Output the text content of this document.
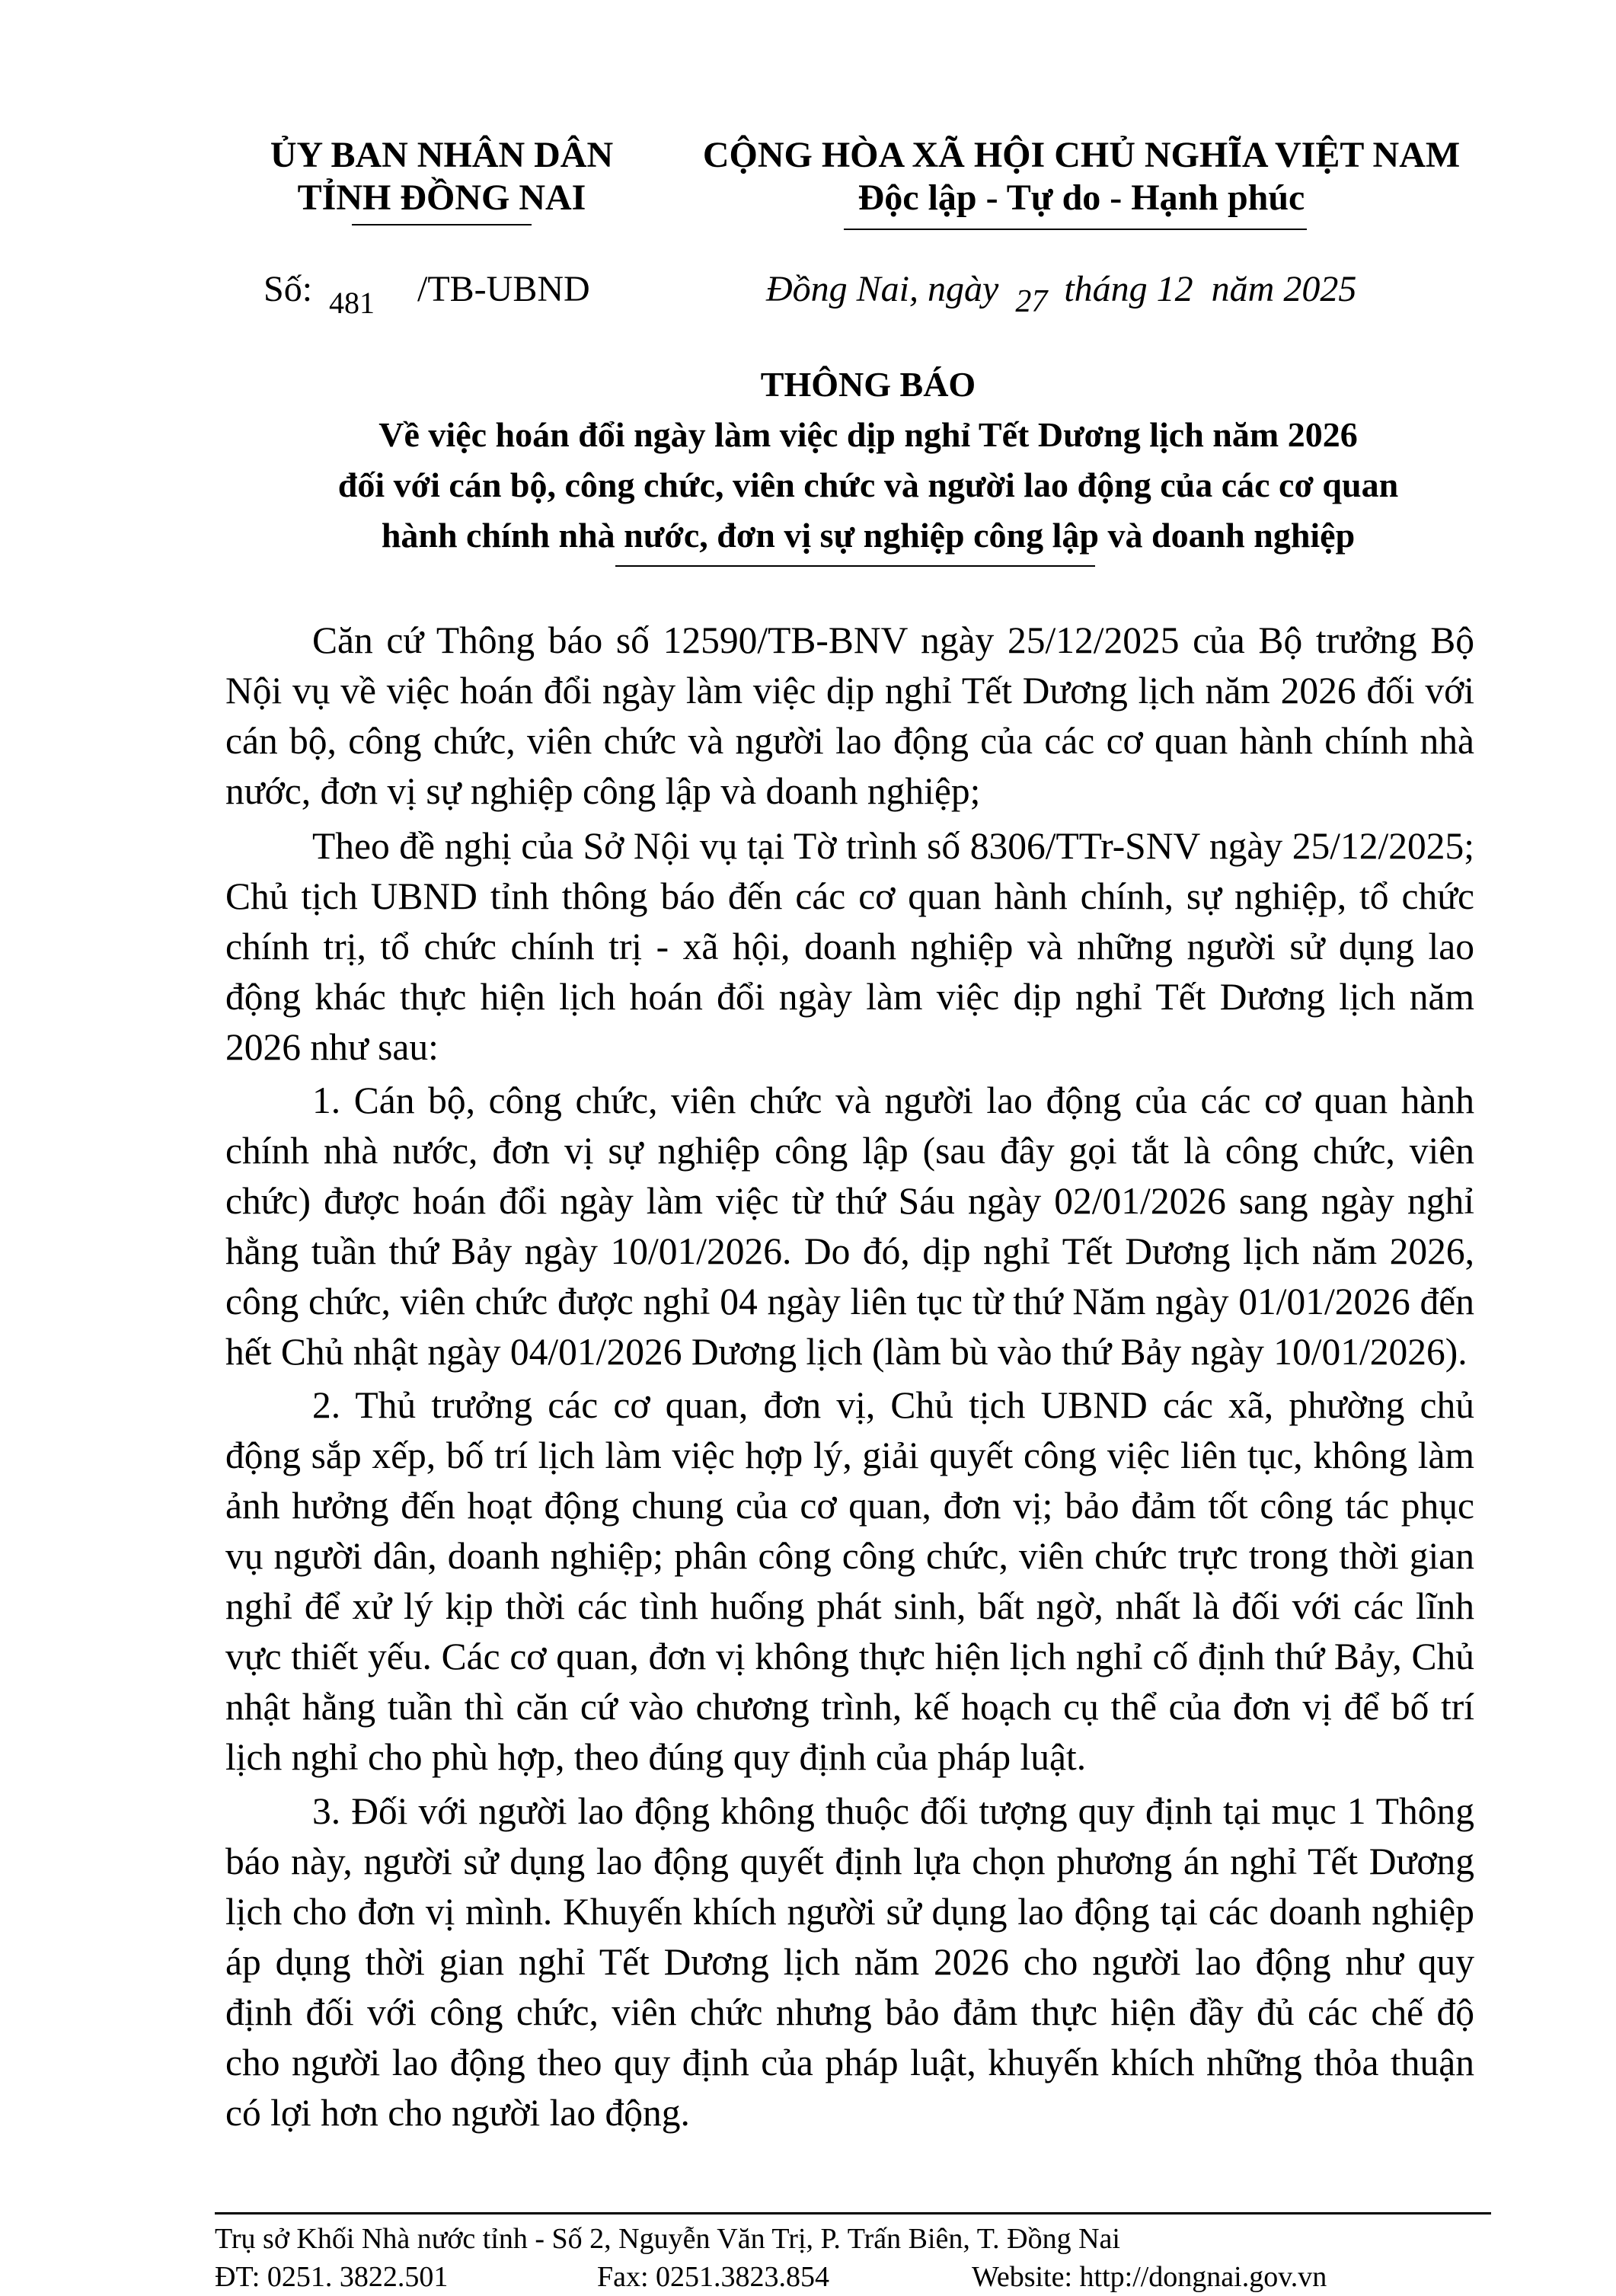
ỦY BAN NHÂN DÂN
TỈNH ĐỒNG NAI
CỘNG HÒA XÃ HỘI CHỦ NGHĨA VIỆT NAM
Độc lập - Tự do - Hạnh phúc
Số: $_{481}$ /TB-UBND	Đồng Nai, ngày 27 tháng 12  năm 2025
THÔNG BÁO
Về việc hoán đổi ngày làm việc dịp nghỉ Tết Dương lịch năm 2026
đối với cán bộ, công chức, viên chức và người lao động của các cơ quan
hành chính nhà nước, đơn vị sự nghiệp công lập và doanh nghiệp
Căn cứ Thông báo số 12590/TB-BNV ngày 25/12/2025 của Bộ trưởng Bộ Nội vụ về việc hoán đổi ngày làm việc dịp nghỉ Tết Dương lịch năm 2026 đối với cán bộ, công chức, viên chức và người lao động của các cơ quan hành chính nhà nước, đơn vị sự nghiệp công lập và doanh nghiệp;
Theo đề nghị của Sở Nội vụ tại Tờ trình số 8306/TTr-SNV ngày 25/12/2025; Chủ tịch UBND tỉnh thông báo đến các cơ quan hành chính, sự nghiệp, tổ chức chính trị, tổ chức chính trị - xã hội, doanh nghiệp và những người sử dụng lao động khác thực hiện lịch hoán đổi ngày làm việc dịp nghỉ Tết Dương lịch năm 2026 như sau:
1. Cán bộ, công chức, viên chức và người lao động của các cơ quan hành chính nhà nước, đơn vị sự nghiệp công lập (sau đây gọi tắt là công chức, viên chức) được hoán đổi ngày làm việc từ thứ Sáu ngày 02/01/2026 sang ngày nghỉ hằng tuần thứ Bảy ngày 10/01/2026. Do đó, dịp nghỉ Tết Dương lịch năm 2026, công chức, viên chức được nghỉ 04 ngày liên tục từ thứ Năm ngày 01/01/2026 đến hết Chủ nhật ngày 04/01/2026 Dương lịch (làm bù vào thứ Bảy ngày 10/01/2026).
2. Thủ trưởng các cơ quan, đơn vị, Chủ tịch UBND các xã, phường chủ động sắp xếp, bố trí lịch làm việc hợp lý, giải quyết công việc liên tục, không làm ảnh hưởng đến hoạt động chung của cơ quan, đơn vị; bảo đảm tốt công tác phục vụ người dân, doanh nghiệp; phân công công chức, viên chức trực trong thời gian nghỉ để xử lý kịp thời các tình huống phát sinh, bất ngờ, nhất là đối với các lĩnh vực thiết yếu. Các cơ quan, đơn vị không thực hiện lịch nghỉ cố định thứ Bảy, Chủ nhật hằng tuần thì căn cứ vào chương trình, kế hoạch cụ thể của đơn vị để bố trí lịch nghỉ cho phù hợp, theo đúng quy định của pháp luật.
3. Đối với người lao động không thuộc đối tượng quy định tại mục 1 Thông báo này, người sử dụng lao động quyết định lựa chọn phương án nghỉ Tết Dương lịch cho đơn vị mình. Khuyến khích người sử dụng lao động tại các doanh nghiệp áp dụng thời gian nghỉ Tết Dương lịch năm 2026 cho người lao động như quy định đối với công chức, viên chức nhưng bảo đảm thực hiện đầy đủ các chế độ cho người lao động theo quy định của pháp luật, khuyến khích những thỏa thuận có lợi hơn cho người lao động.
Trụ sở Khối Nhà nước tỉnh - Số 2, Nguyễn Văn Trị, P. Trấn Biên, T. Đồng Nai
ĐT: 0251. 3822.501	Fax: 0251.3823.854	Website: http://dongnai.gov.vn
